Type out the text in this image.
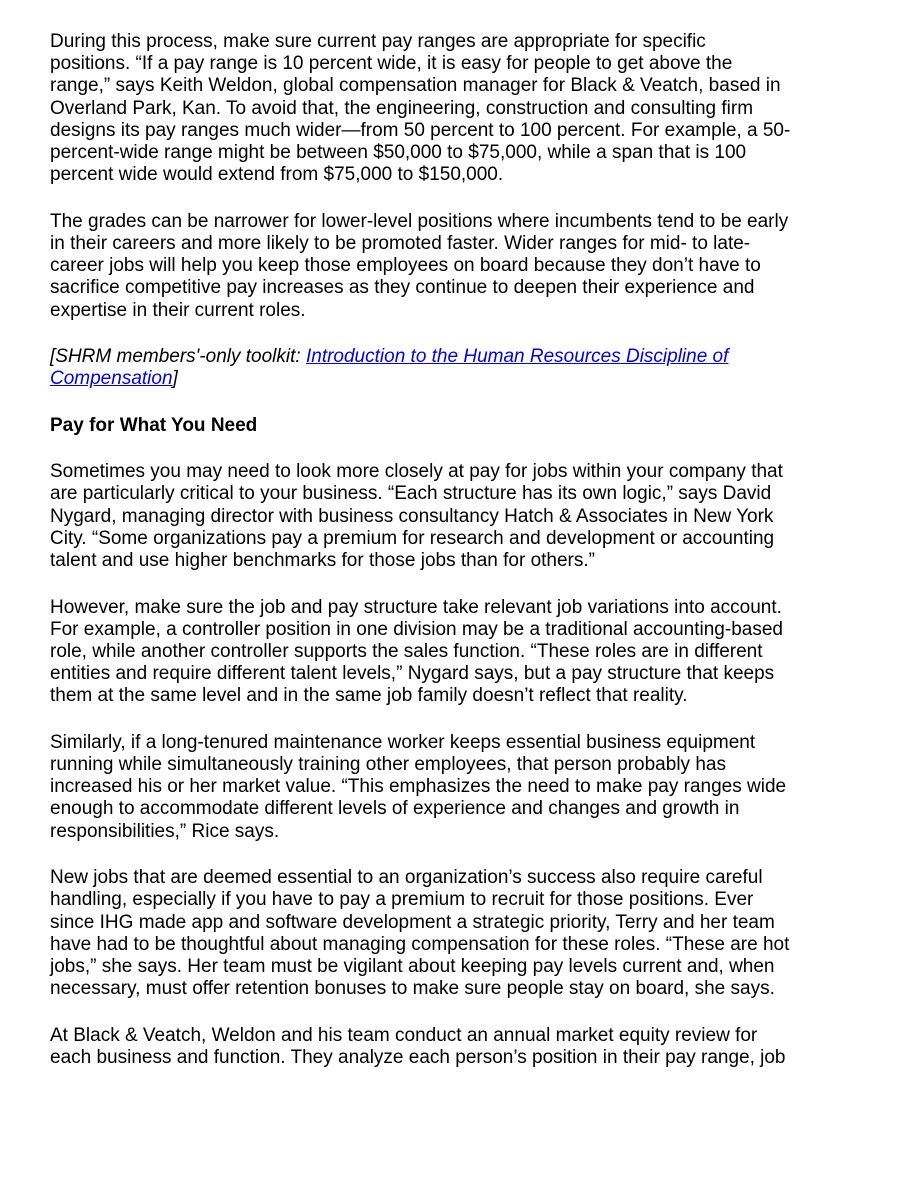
During this process, make sure current pay ranges are appropriate for specific
positions. “If a pay range is 10 percent wide, it is easy for people to get above the
range,” says Keith Weldon, global compensation manager for Black & Veatch, based in
Overland Park, Kan. To avoid that, the engineering, construction and consulting firm
designs its pay ranges much wider—from 50 percent to 100 percent. For example, a 50-
percent-wide range might be between $50,000 to $75,000, while a span that is 100
percent wide would extend from $75,000 to $150,000.
The grades can be narrower for lower-level positions where incumbents tend to be early
in their careers and more likely to be promoted faster. Wider ranges for mid- to late-
career jobs will help you keep those employees on board because they don’t have to
sacrifice competitive pay increases as they continue to deepen their experience and
expertise in their current roles.
[SHRM members'-only toolkit: Introduction to the Human Resources Discipline of
Compensation]
Pay for What You Need
Sometimes you may need to look more closely at pay for jobs within your company that
are particularly critical to your business. “Each structure has its own logic,” says David
Nygard, managing director with business consultancy Hatch & Associates in New York
City. “Some organizations pay a premium for research and development or accounting
talent and use higher benchmarks for those jobs than for others.”
However, make sure the job and pay structure take relevant job variations into account.
For example, a controller position in one division may be a traditional accounting-based
role, while another controller supports the sales function. “These roles are in different
entities and require different talent levels,” Nygard says, but a pay structure that keeps
them at the same level and in the same job family doesn’t reflect that reality.
Similarly, if a long-tenured maintenance worker keeps essential business equipment
running while simultaneously training other employees, that person probably has
increased his or her market value. “This emphasizes the need to make pay ranges wide
enough to accommodate different levels of experience and changes and growth in
responsibilities,” Rice says.
New jobs that are deemed essential to an organization’s success also require careful
handling, especially if you have to pay a premium to recruit for those positions. Ever
since IHG made app and software development a strategic priority, Terry and her team
have had to be thoughtful about managing compensation for these roles. “These are hot
jobs,” she says. Her team must be vigilant about keeping pay levels current and, when
necessary, must offer retention bonuses to make sure people stay on board, she says.
At Black & Veatch, Weldon and his team conduct an annual market equity review for
each business and function. They analyze each person’s position in their pay range, job
